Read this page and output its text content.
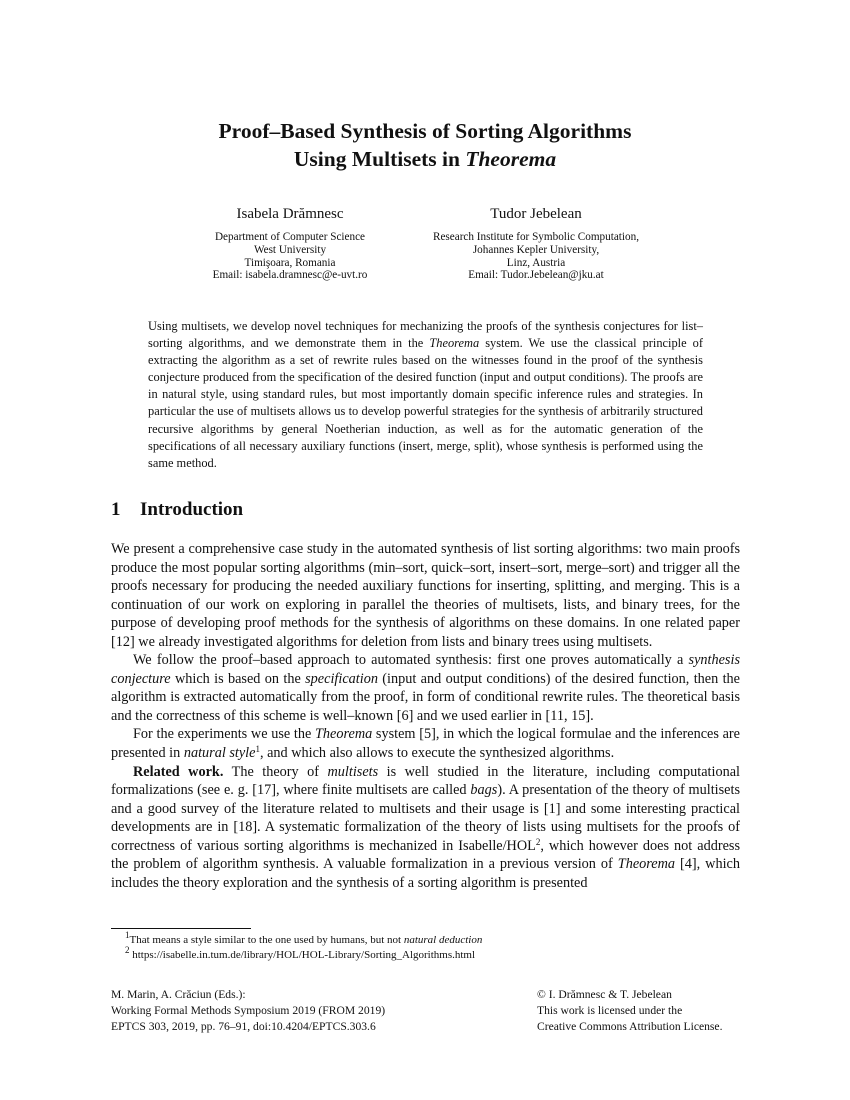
Proof–Based Synthesis of Sorting Algorithms
Using Multisets in Theorema
Isabela Drămnesc
Department of Computer Science
West University
Timişoara, Romania
Email: isabela.dramnesc@e-uvt.ro
Tudor Jebelean
Research Institute for Symbolic Computation,
Johannes Kepler University,
Linz, Austria
Email: Tudor.Jebelean@jku.at

Using multisets, we develop novel techniques for mechanizing the proofs of the synthesis conjectures for list–sorting algorithms, and we demonstrate them in the Theorema system. We use the classical principle of extracting the algorithm as a set of rewrite rules based on the witnesses found in the proof of the synthesis conjecture produced from the specification of the desired function (input and output conditions). The proofs are in natural style, using standard rules, but most importantly domain specific inference rules and strategies. In particular the use of multisets allows us to develop powerful strategies for the synthesis of arbitrarily structured recursive algorithms by general Noetherian induction, as well as for the automatic generation of the specifications of all necessary auxiliary functions (insert, merge, split), whose synthesis is performed using the same method.

1 Introduction

We present a comprehensive case study in the automated synthesis of list sorting algorithms: two main proofs produce the most popular sorting algorithms (min–sort, quick–sort, insert–sort, merge–sort) and trigger all the proofs necessary for producing the needed auxiliary functions for inserting, splitting, and merging. This is a continuation of our work on exploring in parallel the theories of multisets, lists, and binary trees, for the purpose of developing proof methods for the synthesis of algorithms on these domains. In one related paper [12] we already investigated algorithms for deletion from lists and binary trees using multisets.

We follow the proof–based approach to automated synthesis: first one proves automatically a synthesis conjecture which is based on the specification (input and output conditions) of the desired function, then the algorithm is extracted automatically from the proof, in form of conditional rewrite rules. The theoretical basis and the correctness of this scheme is well–known [6] and we used earlier in [11, 15].

For the experiments we use the Theorema system [5], in which the logical formulae and the inferences are presented in natural style$^1$, and which also allows to execute the synthesized algorithms.

Related work. The theory of multisets is well studied in the literature, including computational formalizations (see e. g. [17], where finite multisets are called bags). A presentation of the theory of multisets and a good survey of the literature related to multisets and their usage is [1] and some interesting practical developments are in [18]. A systematic formalization of the theory of lists using multisets for the proofs of correctness of various sorting algorithms is mechanized in Isabelle/HOL$^2$, which however does not address the problem of algorithm synthesis. A valuable formalization in a previous version of Theorema [4], which includes the theory exploration and the synthesis of a sorting algorithm is presented

$^1$That means a style similar to the one used by humans, but not natural deduction
$^2$ https://isabelle.in.tum.de/library/HOL/HOL-Library/Sorting_Algorithms.html
M. Marin, A. Crăciun (Eds.):
Working Formal Methods Symposium 2019 (FROM 2019)
EPTCS 303, 2019, pp. 76–91, doi:10.4204/EPTCS.303.6
© I. Drămnesc & T. Jebelean
This work is licensed under the
Creative Commons Attribution License.
